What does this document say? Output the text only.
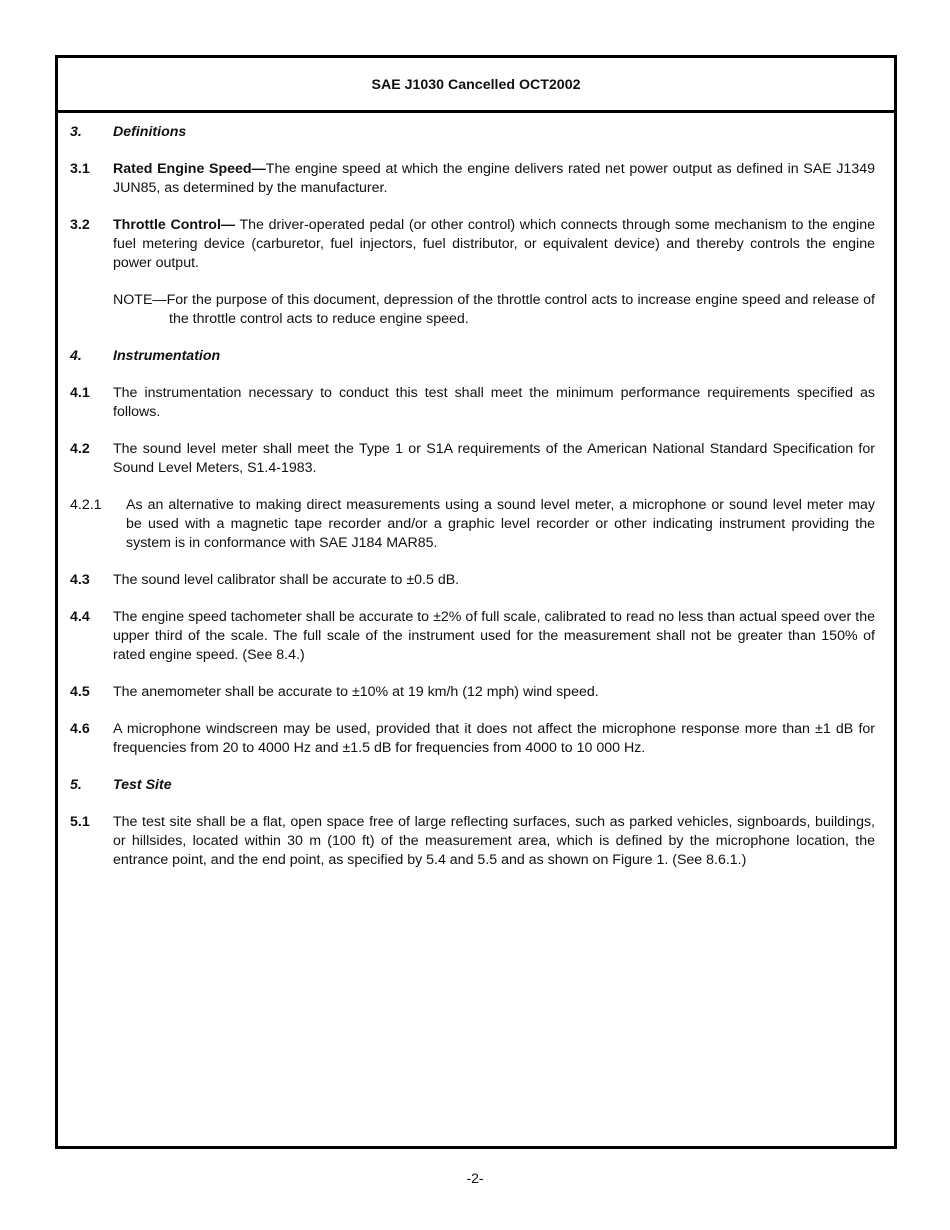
SAE J1030 Cancelled OCT2002
3.	Definitions
3.1	Rated Engine Speed—The engine speed at which the engine delivers rated net power output as defined in SAE J1349 JUN85, as determined by the manufacturer.
3.2	Throttle Control— The driver-operated pedal (or other control) which connects through some mechanism to the engine fuel metering device (carburetor, fuel injectors, fuel distributor, or equivalent device) and thereby controls the engine power output.
NOTE—For the purpose of this document, depression of the throttle control acts to increase engine speed and release of the throttle control acts to reduce engine speed.
4.	Instrumentation
4.1	The instrumentation necessary to conduct this test shall meet the minimum performance requirements specified as follows.
4.2	The sound level meter shall meet the Type 1 or S1A requirements of the American National Standard Specification for Sound Level Meters, S1.4-1983.
4.2.1	As an alternative to making direct measurements using a sound level meter, a microphone or sound level meter may be used with a magnetic tape recorder and/or a graphic level recorder or other indicating instrument providing the system is in conformance with SAE J184 MAR85.
4.3	The sound level calibrator shall be accurate to ±0.5 dB.
4.4	The engine speed tachometer shall be accurate to ±2% of full scale, calibrated to read no less than actual speed over the upper third of the scale. The full scale of the instrument used for the measurement shall not be greater than 150% of rated engine speed. (See 8.4.)
4.5	The anemometer shall be accurate to ±10% at 19 km/h (12 mph) wind speed.
4.6	A microphone windscreen may be used, provided that it does not affect the microphone response more than ±1 dB for frequencies from 20 to 4000 Hz and ±1.5 dB for frequencies from 4000 to 10 000 Hz.
5.	Test Site
5.1	The test site shall be a flat, open space free of large reflecting surfaces, such as parked vehicles, signboards, buildings, or hillsides, located within 30 m (100 ft) of the measurement area, which is defined by the microphone location, the entrance point, and the end point, as specified by 5.4 and 5.5 and as shown on Figure 1. (See 8.6.1.)
-2-
